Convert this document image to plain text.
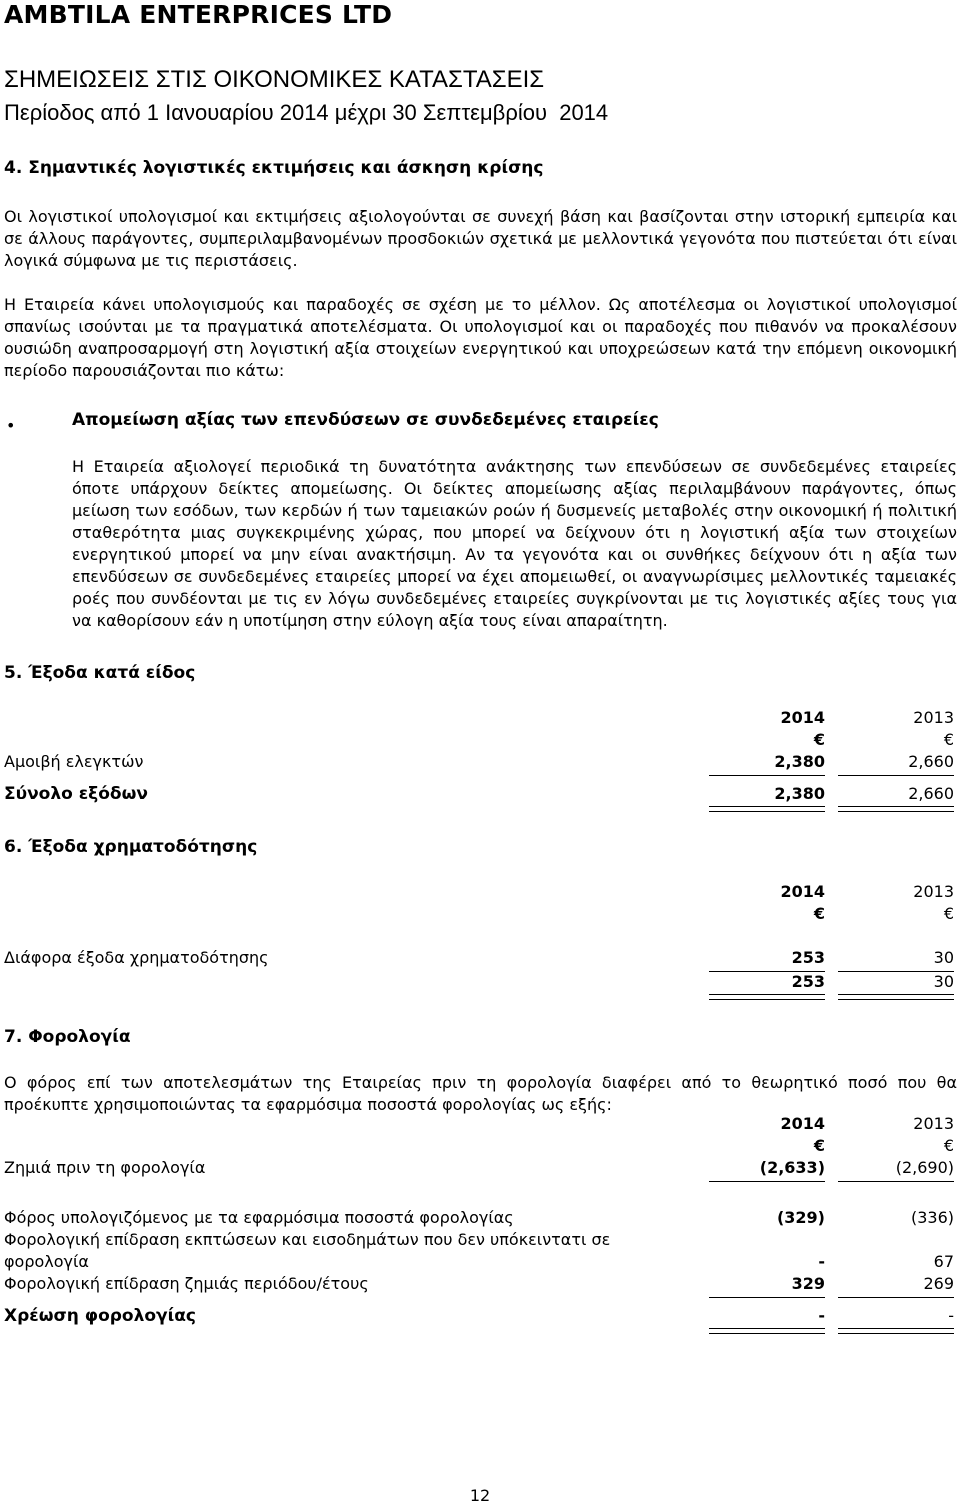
AMBTILA ENTERPRICES LTD
ΣΗΜΕΙΩΣΕΙΣ ΣΤΙΣ ΟΙΚΟΝΟΜΙΚΕΣ ΚΑΤΑΣΤΑΣΕΙΣ
Περίοδος από 1 Ιανουαρίου 2014 μέχρι 30 Σεπτεμβρίου  2014
4. Σημαντικές λογιστικές εκτιμήσεις και άσκηση κρίσης
Οι λογιστικοί υπολογισμοί και εκτιμήσεις αξιολογούνται σε συνεχή βάση και βασίζονται στην ιστορική εμπειρία και σε άλλους παράγοντες, συμπεριλαμβανομένων προσδοκιών σχετικά με μελλοντικά γεγονότα που πιστεύεται ότι είναι λογικά σύμφωνα με τις περιστάσεις.
Η Εταιρεία κάνει υπολογισμούς και παραδοχές σε σχέση με το μέλλον. Ως αποτέλεσμα οι λογιστικοί υπολογισμοί σπανίως ισούνται με τα πραγματικά αποτελέσματα. Οι υπολογισμοί και οι παραδοχές που πιθανόν να προκαλέσουν ουσιώδη αναπροσαρμογή στη λογιστική αξία στοιχείων ενεργητικού και υποχρεώσεων κατά την επόμενη οικονομική περίοδο παρουσιάζονται πιο κάτω:
•	Απομείωση αξίας των επενδύσεων σε συνδεδεμένες εταιρείες
Η Εταιρεία αξιολογεί περιοδικά τη δυνατότητα ανάκτησης των επενδύσεων σε συνδεδεμένες εταιρείες όποτε υπάρχουν δείκτες απομείωσης. Οι δείκτες απομείωσης αξίας περιλαμβάνουν παράγοντες, όπως μείωση των εσόδων, των κερδών ή των ταμειακών ροών ή δυσμενείς μεταβολές στην οικονομική ή πολιτική σταθερότητα μιας συγκεκριμένης χώρας, που μπορεί να δείχνουν ότι η λογιστική αξία των στοιχείων ενεργητικού μπορεί να μην είναι ανακτήσιμη. Αν τα γεγονότα και οι συνθήκες δείχνουν ότι η αξία των επενδύσεων σε συνδεδεμένες εταιρείες μπορεί να έχει απομειωθεί, οι αναγνωρίσιμες μελλοντικές ταμειακές ροές που συνδέονται με τις εν λόγω συνδεδεμένες εταιρείες συγκρίνονται με τις λογιστικές αξίες τους για να καθορίσουν εάν η υποτίμηση στην εύλογη αξία τους είναι απαραίτητη.
5. Έξοδα κατά είδος
2014	2013
€	€
Αμοιβή ελεγκτών	2,380	2,660
Σύνολο εξόδων	2,380	2,660
6. Έξοδα χρηματοδότησης
2014	2013
€	€
Διάφορα έξοδα χρηματοδότησης	253	30
253	30
7. Φορολογία
Ο φόρος επί των αποτελεσμάτων της Εταιρείας πριν τη φορολογία διαφέρει από το θεωρητικό ποσό που θα προέκυπτε χρησιμοποιώντας τα εφαρμόσιμα ποσοστά φορολογίας ως εξής:
2014	2013
€	€
Ζημιά πριν τη φορολογία	(2,633)	(2,690)
Φόρος υπολογιζόμενος με τα εφαρμόσιμα ποσοστά φορολογίας	(329)	(336)
Φορολογική επίδραση εκπτώσεων και εισοδημάτων που δεν υπόκειντατι σε
φορολογία	-	67
Φορολογική επίδραση ζημιάς περιόδου/έτους	329	269
Χρέωση φορολογίας	-	-
12
